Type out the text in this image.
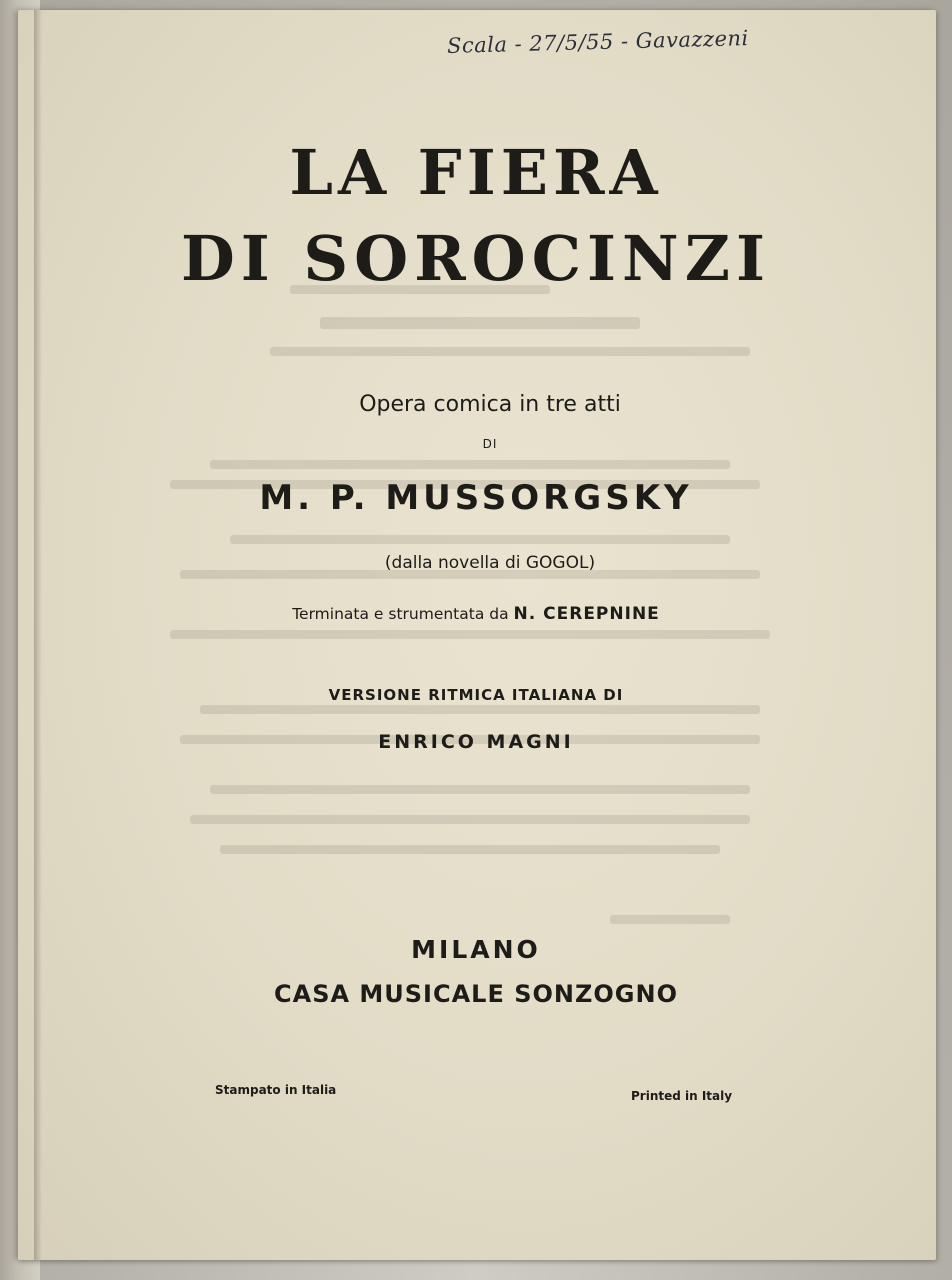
Scala - 27/5/55 - Gavazzeni
LA FIERA
DI SOROCINZI
Opera comica in tre atti
DI
M. P. MUSSORGSKY
(dalla novella di GOGOL)
Terminata e strumentata da N. CEREPNINE
VERSIONE RITMICA ITALIANA DI
ENRICO MAGNI
MILANO
CASA MUSICALE SONZOGNO
Stampato in Italia	Printed in Italy
